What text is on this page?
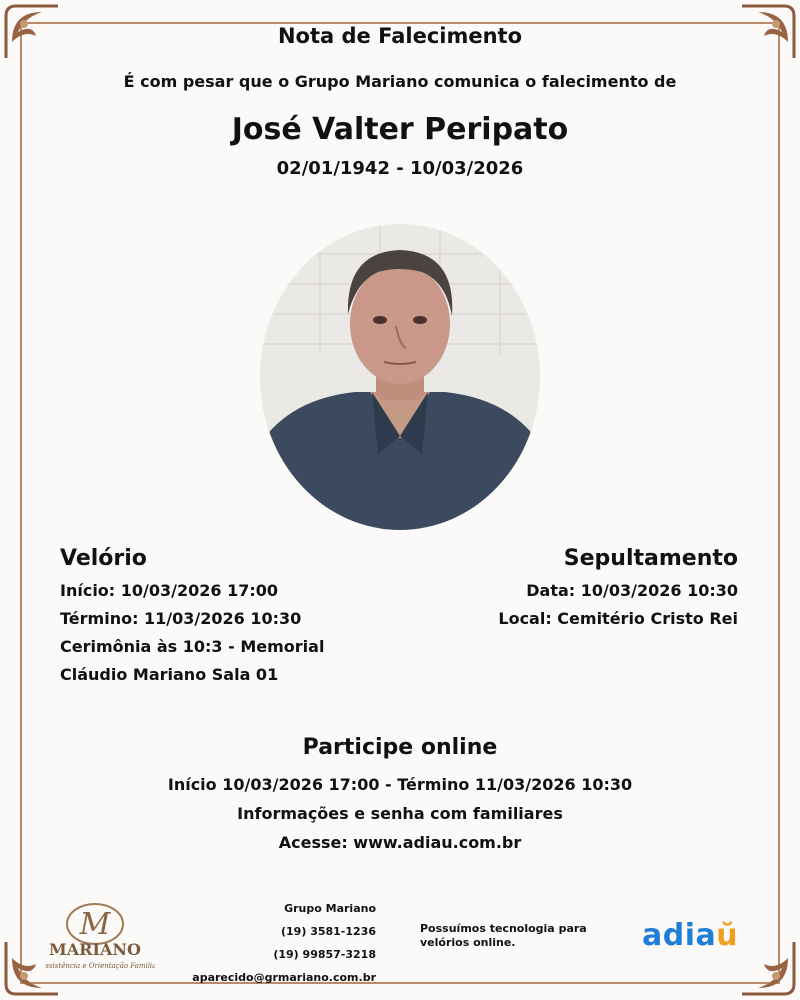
Nota de Falecimento
É com pesar que o Grupo Mariano comunica o falecimento de
José Valter Peripato
02/01/1942 - 10/03/2026
Velório

Início: 10/03/2026 17:00

Término: 11/03/2026 10:30

Cerimônia às 10:3 - Memorial

Cláudio Mariano Sala 01

Sepultamento

Data: 10/03/2026 10:30

Local: Cemitério Cristo Rei

Participe online
Início 10/03/2026 17:00 - Término 11/03/2026 10:30
Informações e senha com familiares
Acesse: www.adiau.com.br
M
MARIANO
Assistência e Orientação Familiar
Grupo Mariano
(19) 3581-1236
(19) 99857-3218
aparecido@grmariano.com.br
Possuímos tecnologia para velórios online.	adiaŭ
